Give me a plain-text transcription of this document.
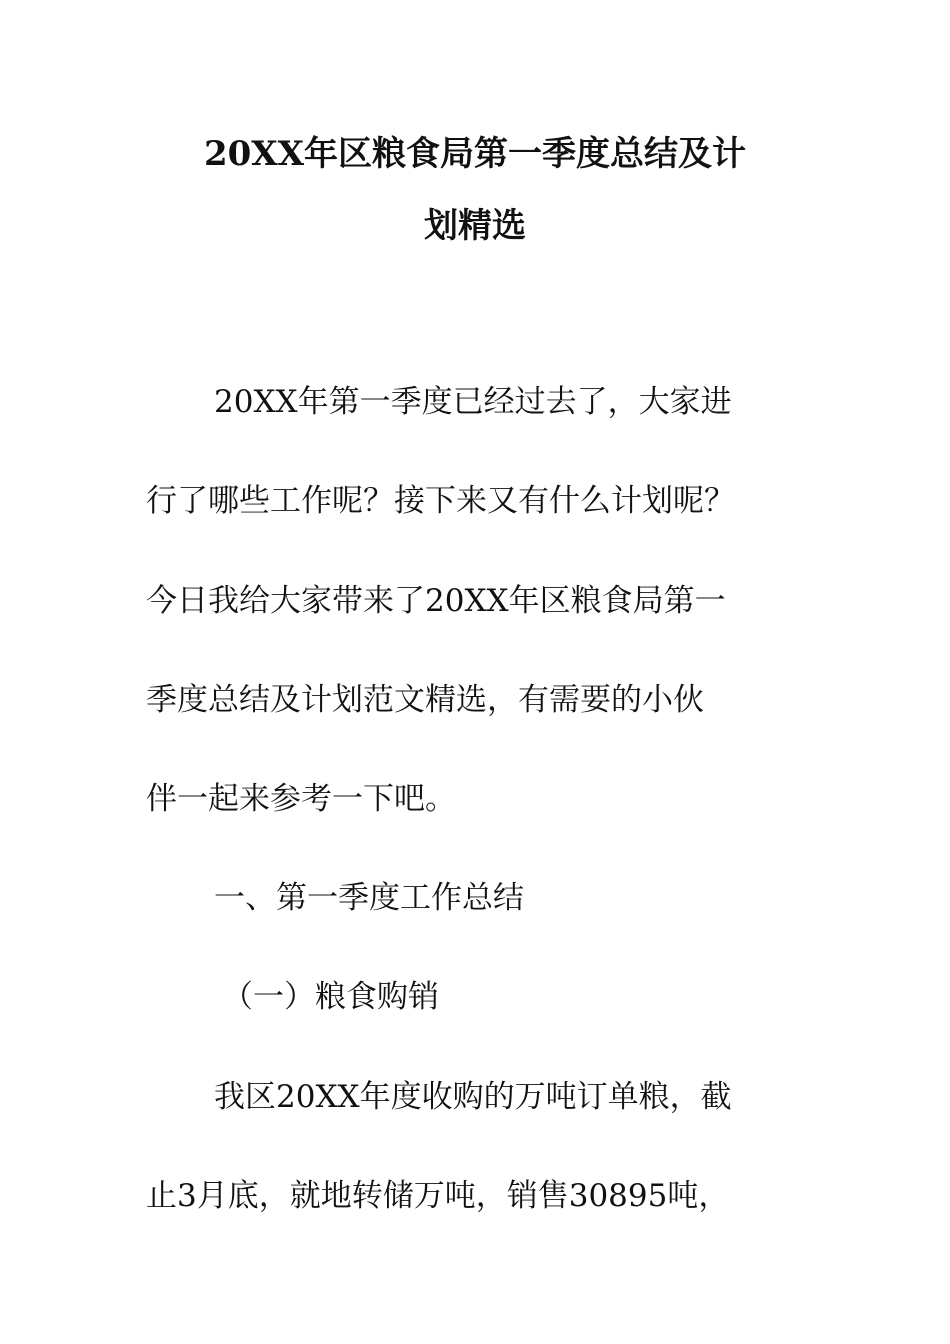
20XX年区粮食局第一季度总结及计
划精选

20XX年第一季度已经过去了，大家进

行了哪些工作呢？接下来又有什么计划呢？

今日我给大家带来了20XX年区粮食局第一

季度总结及计划范文精选，有需要的小伙

伴一起来参考一下吧。

一、第一季度工作总结

（一）粮食购销

我区20XX年度收购的万吨订单粮，截

止3月底，就地转储万吨，销售30895吨，
